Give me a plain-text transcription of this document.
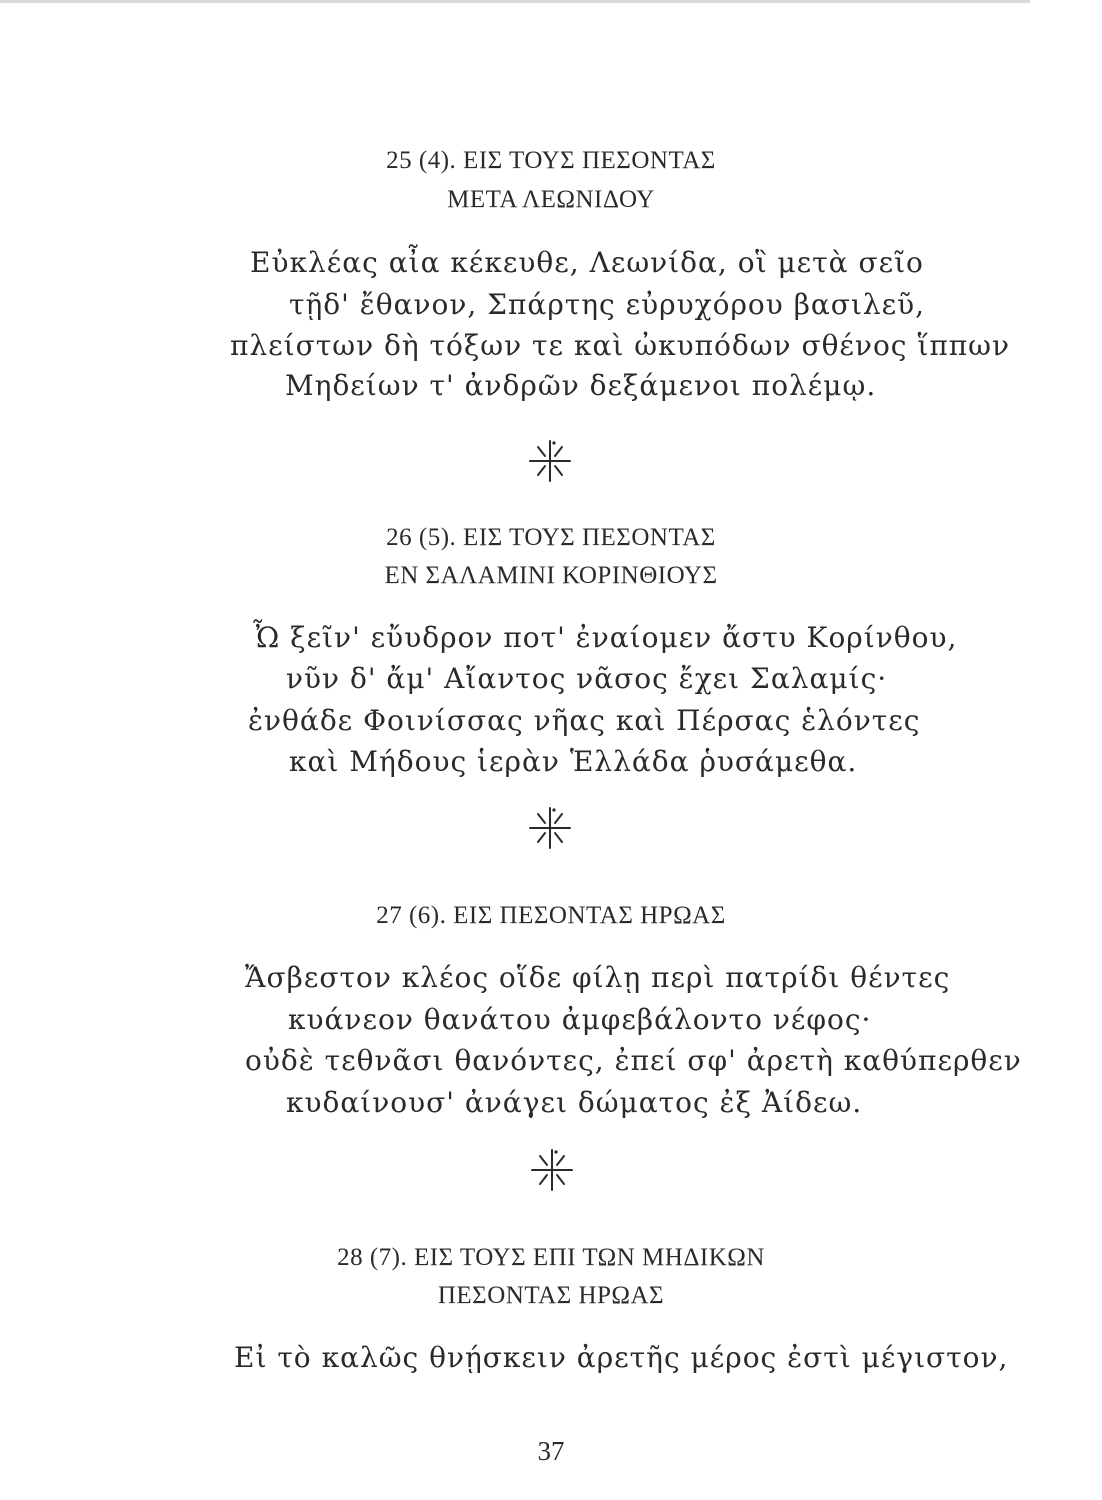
25 (4). ΕΙΣ ΤΟΥΣ ΠΕΣΟΝΤΑΣ
ΜΕΤΑ ΛΕΩΝΙΔΟΥ
Εὐκλέας αἶα κέκευθε, Λεωνίδα, οἳ μετὰ σεῖο
τῇδ' ἔθανον, Σπάρτης εὐρυχόρου βασιλεῦ,
πλείστων δὴ τόξων τε καὶ ὠκυπόδων σθένος ἵππων
Μηδείων τ' ἀνδρῶν δεξάμενοι πολέμῳ.
26 (5). ΕΙΣ ΤΟΥΣ ΠΕΣΟΝΤΑΣ
ΕΝ ΣΑΛΑΜΙΝΙ ΚΟΡΙΝΘΙΟΥΣ
Ὦ ξεῖν' εὔυδρον ποτ' ἐναίομεν ἄστυ Κορίνθου,
νῦν δ' ἄμ' Αἴαντος νᾶσος ἔχει Σαλαμίς·
ἐνθάδε Φοινίσσας νῆας καὶ Πέρσας ἑλόντες
καὶ Μήδους ἱερὰν Ἑλλάδα ῥυσάμεθα.
27 (6). ΕΙΣ ΠΕΣΟΝΤΑΣ ΗΡΩΑΣ
Ἄσβεστον κλέος οἵδε φίλῃ περὶ πατρίδι θέντες
κυάνεον θανάτου ἀμφεβάλοντο νέφος·
οὐδὲ τεθνᾶσι θανόντες, ἐπεί σφ' ἀρετὴ καθύπερθεν
κυδαίνουσ' ἀνάγει δώματος ἐξ Ἀίδεω.
28 (7). ΕΙΣ ΤΟΥΣ ΕΠΙ ΤΩΝ ΜΗΔΙΚΩΝ
ΠΕΣΟΝΤΑΣ ΗΡΩΑΣ
Εἰ τὸ καλῶς θνῄσκειν ἀρετῆς μέρος ἐστὶ μέγιστον,
37
